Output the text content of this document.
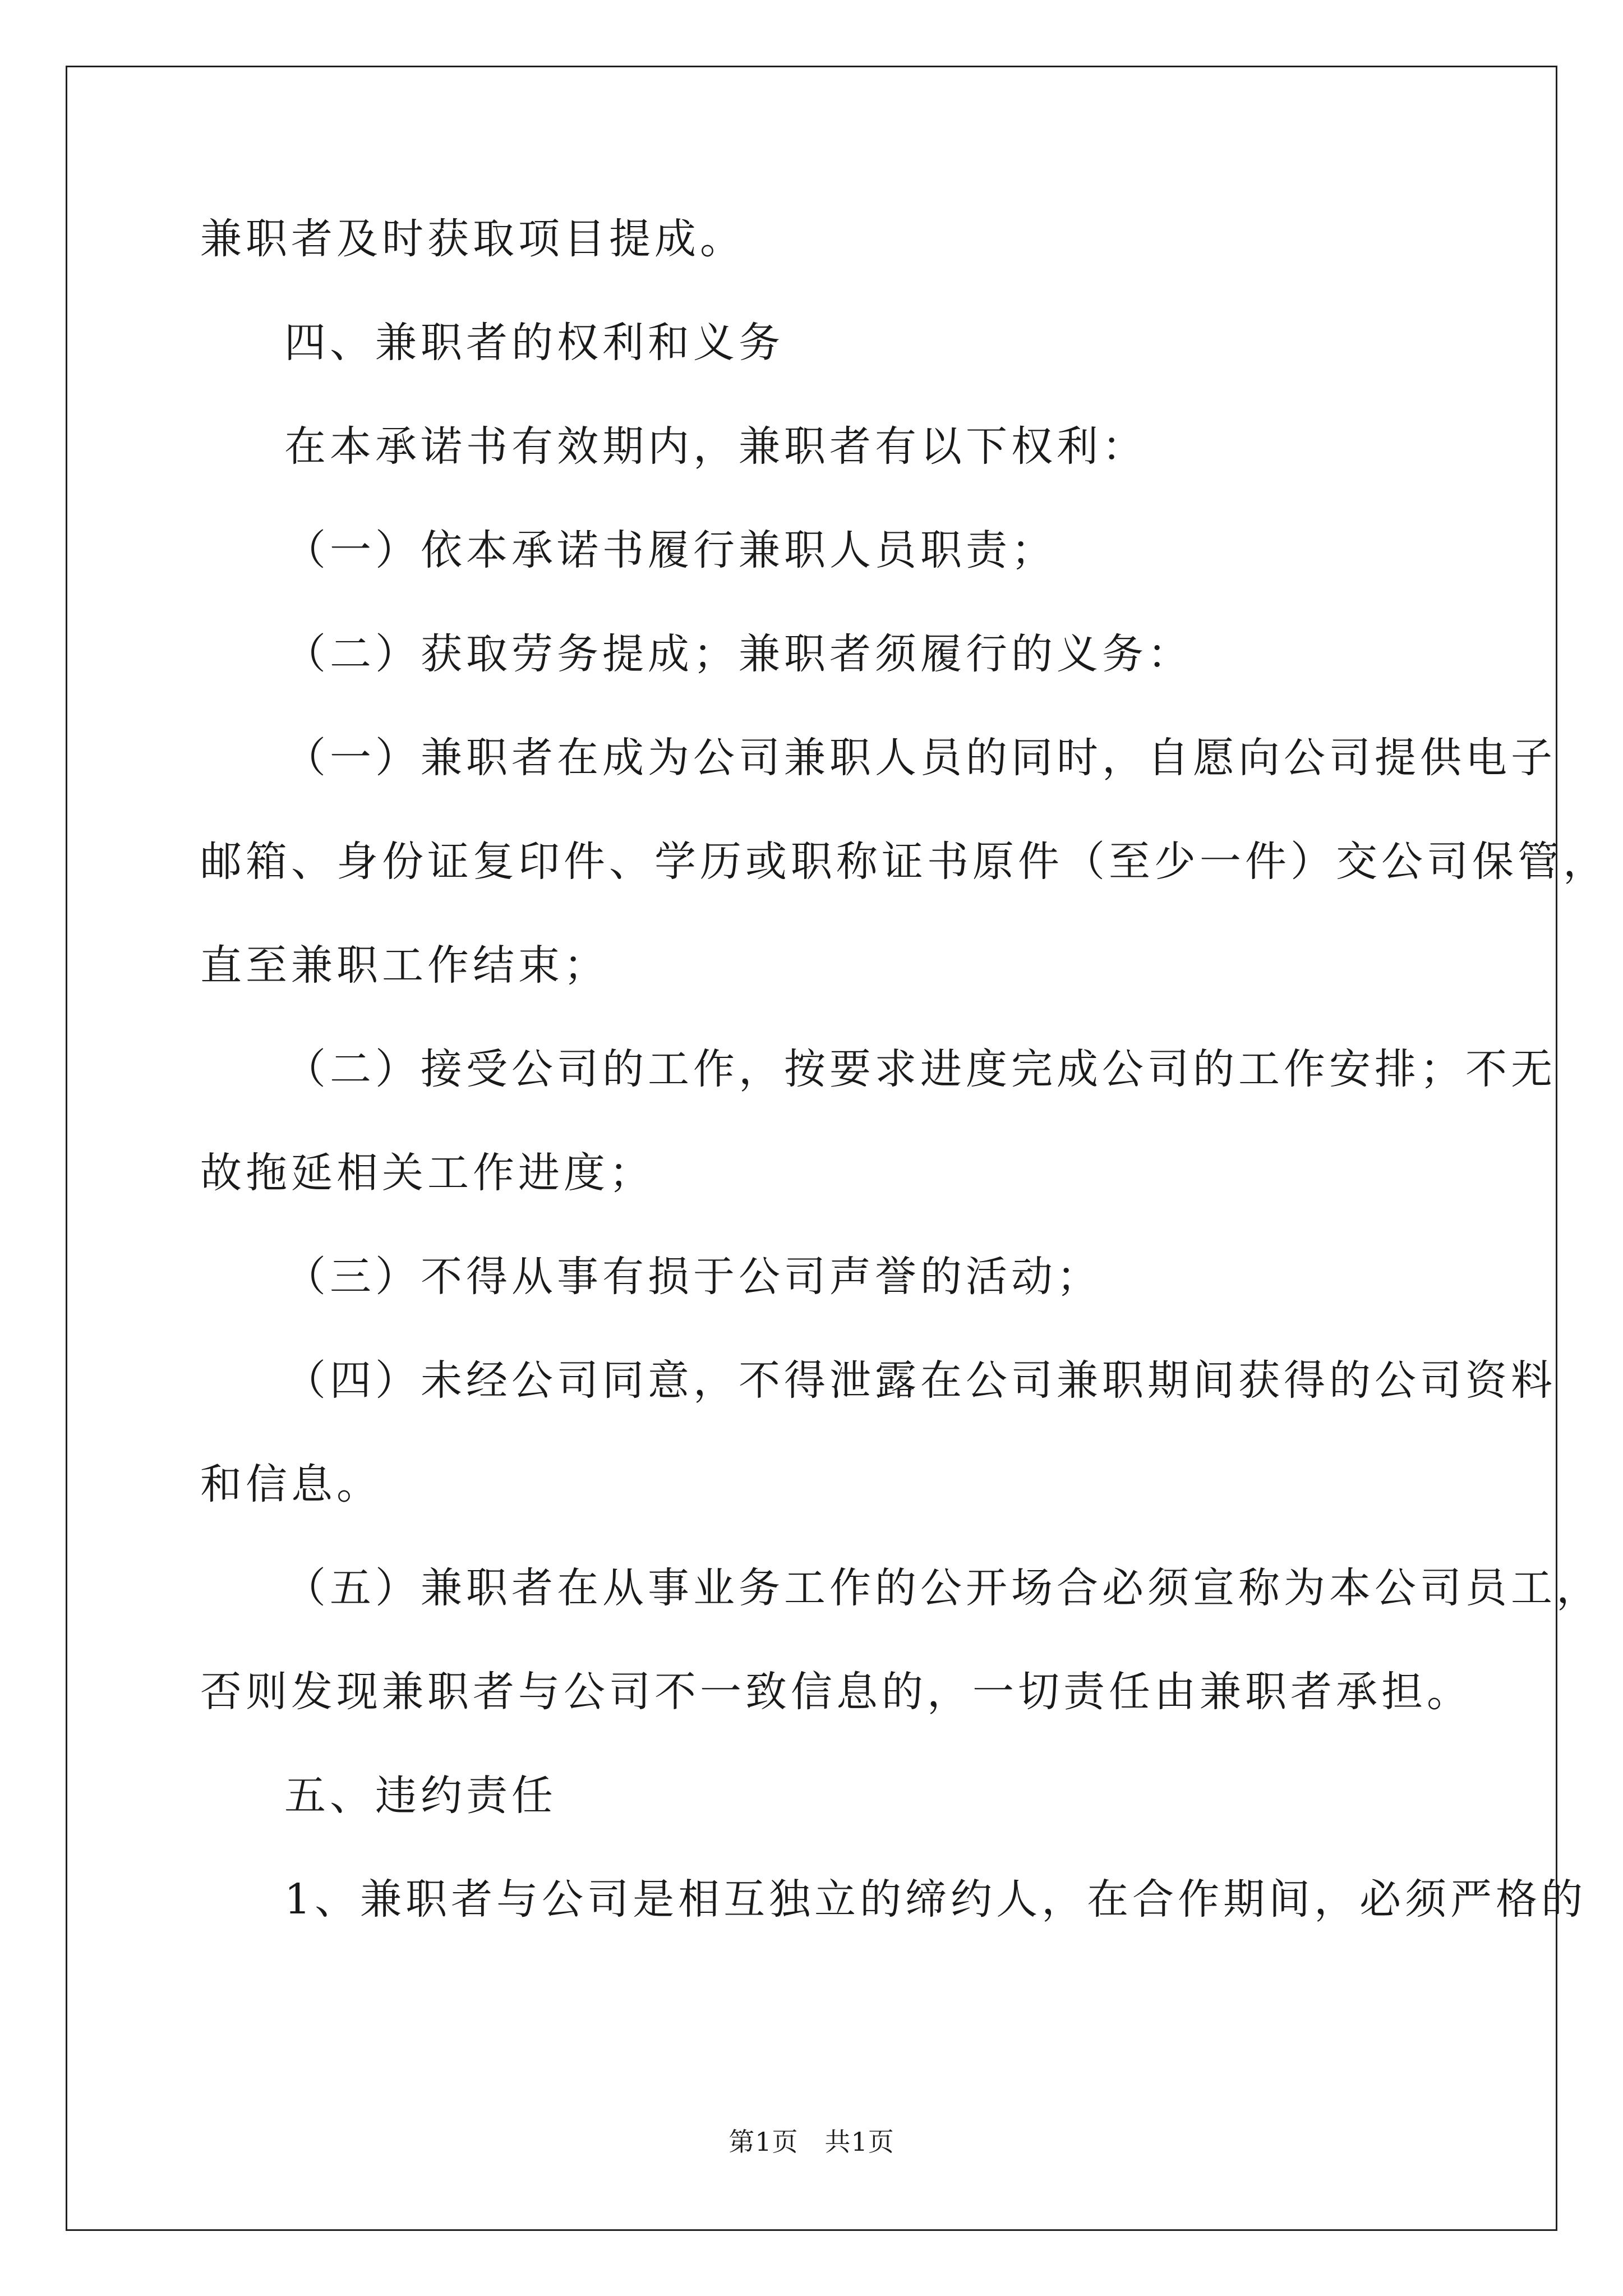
兼职者及时获取项目提成。
四、兼职者的权利和义务
在本承诺书有效期内，兼职者有以下权利：
（一）依本承诺书履行兼职人员职责；
（二）获取劳务提成；兼职者须履行的义务：
（一）兼职者在成为公司兼职人员的同时，自愿向公司提供电子
邮箱、身份证复印件、学历或职称证书原件（至少一件）交公司保管，
直至兼职工作结束；
（二）接受公司的工作，按要求进度完成公司的工作安排；不无
故拖延相关工作进度；
（三）不得从事有损于公司声誉的活动；
（四）未经公司同意，不得泄露在公司兼职期间获得的公司资料
和信息。
（五）兼职者在从事业务工作的公开场合必须宣称为本公司员工，
否则发现兼职者与公司不一致信息的，一切责任由兼职者承担。
五、违约责任
1、兼职者与公司是相互独立的缔约人，在合作期间，必须严格的
第1页 共1页
